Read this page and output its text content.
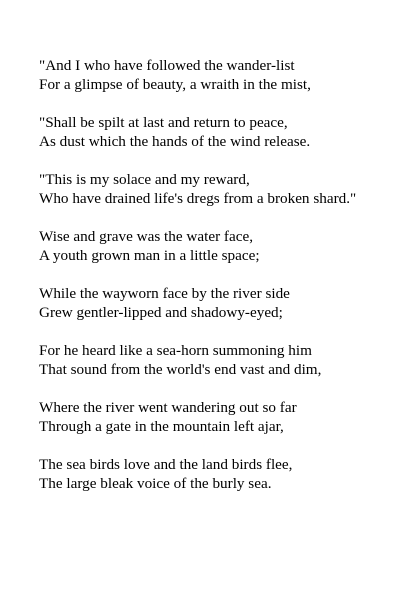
"And I who have followed the wander-list
For a glimpse of beauty, a wraith in the mist,
"Shall be spilt at last and return to peace,
As dust which the hands of the wind release.
"This is my solace and my reward,
Who have drained life's dregs from a broken shard."
Wise and grave was the water face,
A youth grown man in a little space;
While the wayworn face by the river side
Grew gentler-lipped and shadowy-eyed;
For he heard like a sea-horn summoning him
That sound from the world's end vast and dim,
Where the river went wandering out so far
Through a gate in the mountain left ajar,
The sea birds love and the land birds flee,
The large bleak voice of the burly sea.
